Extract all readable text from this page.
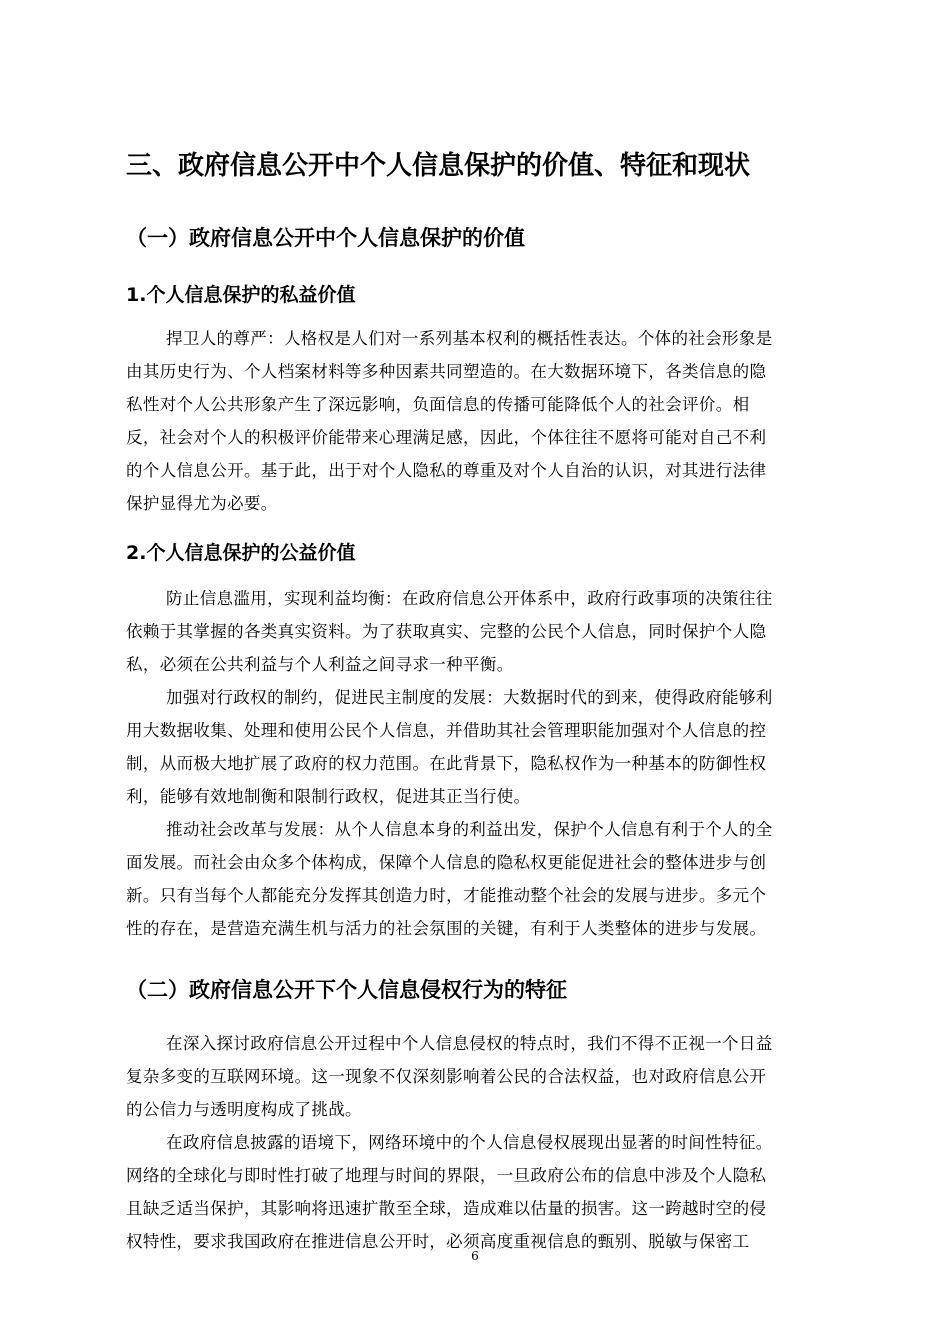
三、政府信息公开中个人信息保护的价值、特征和现状
（一）政府信息公开中个人信息保护的价值
1.个人信息保护的私益价值
捍卫人的尊严：人格权是人们对一系列基本权利的概括性表达。个体的社会形象是
由其历史行为、个人档案材料等多种因素共同塑造的。在大数据环境下，各类信息的隐
私性对个人公共形象产生了深远影响，负面信息的传播可能降低个人的社会评价。相
反，社会对个人的积极评价能带来心理满足感，因此，个体往往不愿将可能对自己不利
的个人信息公开。基于此，出于对个人隐私的尊重及对个人自治的认识，对其进行法律
保护显得尤为必要。
2.个人信息保护的公益价值
防止信息滥用，实现利益均衡：在政府信息公开体系中，政府行政事项的决策往往
依赖于其掌握的各类真实资料。为了获取真实、完整的公民个人信息，同时保护个人隐
私，必须在公共利益与个人利益之间寻求一种平衡。
加强对行政权的制约，促进民主制度的发展：大数据时代的到来，使得政府能够利
用大数据收集、处理和使用公民个人信息，并借助其社会管理职能加强对个人信息的控
制，从而极大地扩展了政府的权力范围。在此背景下，隐私权作为一种基本的防御性权
利，能够有效地制衡和限制行政权，促进其正当行使。
推动社会改革与发展：从个人信息本身的利益出发，保护个人信息有利于个人的全
面发展。而社会由众多个体构成，保障个人信息的隐私权更能促进社会的整体进步与创
新。只有当每个人都能充分发挥其创造力时，才能推动整个社会的发展与进步。多元个
性的存在，是营造充满生机与活力的社会氛围的关键，有利于人类整体的进步与发展。
（二）政府信息公开下个人信息侵权行为的特征
在深入探讨政府信息公开过程中个人信息侵权的特点时，我们不得不正视一个日益
复杂多变的互联网环境。这一现象不仅深刻影响着公民的合法权益，也对政府信息公开
的公信力与透明度构成了挑战。
在政府信息披露的语境下，网络环境中的个人信息侵权展现出显著的时间性特征。
网络的全球化与即时性打破了地理与时间的界限，一旦政府公布的信息中涉及个人隐私
且缺乏适当保护，其影响将迅速扩散至全球，造成难以估量的损害。这一跨越时空的侵
权特性，要求我国政府在推进信息公开时，必须高度重视信息的甄别、脱敏与保密工
6
